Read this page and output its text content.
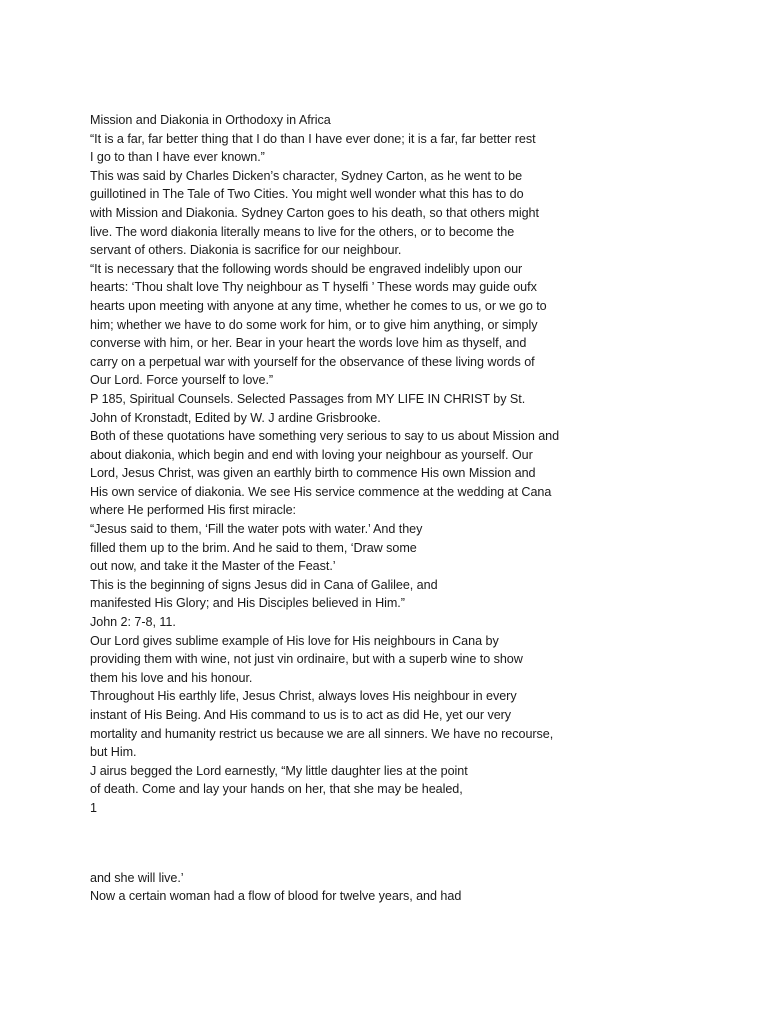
Mission and Diakonia in Orthodoxy in Africa
“It is a far, far better thing that I do than I have ever done; it is a far, far better rest
I go to than I have ever known.”
This was said by Charles Dicken’s character, Sydney Carton, as he went to be
guillotined in The Tale of Two Cities. You might well wonder what this has to do
with Mission and Diakonia. Sydney Carton goes to his death, so that others might
live. The word diakonia literally means to live for the others, or to become the
servant of others. Diakonia is sacrifice for our neighbour.
“It is necessary that the following words should be engraved indelibly upon our
hearts: ‘Thou shalt love Thy neighbour as T hyselfi ’ These words may guide oufx
hearts upon meeting with anyone at any time, whether he comes to us, or we go to
him; whether we have to do some work for him, or to give him anything, or simply
converse with him, or her. Bear in your heart the words love him as thyself, and
carry on a perpetual war with yourself for the observance of these living words of
Our Lord. Force yourself to love.”
P 185, Spiritual Counsels. Selected Passages from MY LIFE IN CHRIST by St.
John of Kronstadt, Edited by W. J ardine Grisbrooke.
Both of these quotations have something very serious to say to us about Mission and
about diakonia, which begin and end with loving your neighbour as yourself. Our
Lord, Jesus Christ, was given an earthly birth to commence His own Mission and
His own service of diakonia. We see His service commence at the wedding at Cana
where He performed His first miracle:
“Jesus said to them, ‘Fill the water pots with water.’ And they
filled them up to the brim. And he said to them, ‘Draw some
out now, and take it the Master of the Feast.’
This is the beginning of signs Jesus did in Cana of Galilee, and
manifested His Glory; and His Disciples believed in Him.”
John 2: 7-8, 11.
Our Lord gives sublime example of His love for His neighbours in Cana by
providing them with wine, not just vin ordinaire, but with a superb wine to show
them his love and his honour.
Throughout His earthly life, Jesus Christ, always loves His neighbour in every
instant of His Being. And His command to us is to act as did He, yet our very
mortality and humanity restrict us because we are all sinners. We have no recourse,
but Him.
J airus begged the Lord earnestly, “My little daughter lies at the point
of death. Come and lay your hands on her, that she may be healed,
1
and she will live.’
Now a certain woman had a flow of blood for twelve years, and had
